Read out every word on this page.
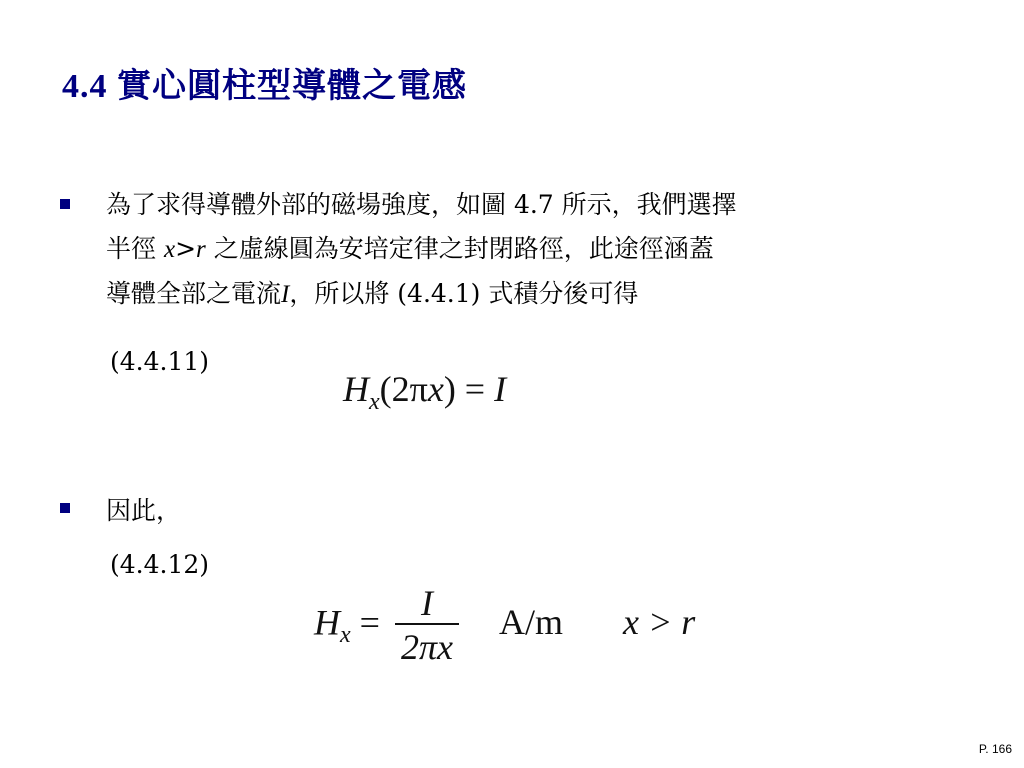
4.4 實心圓柱型導體之電感
為了求得導體外部的磁場強度，如圖 4.7 所示，我們選擇
半徑 x>r 之虛線圓為安培定律之封閉路徑，此途徑涵蓋
導體全部之電流I，所以將 (4.4.1) 式積分後可得
(4.4.11)
$H_x(2\pi x) = I$
因此，
(4.4.12)
$H_x = \frac{I}{2\pi x} A/m$ x > r
P. 166
